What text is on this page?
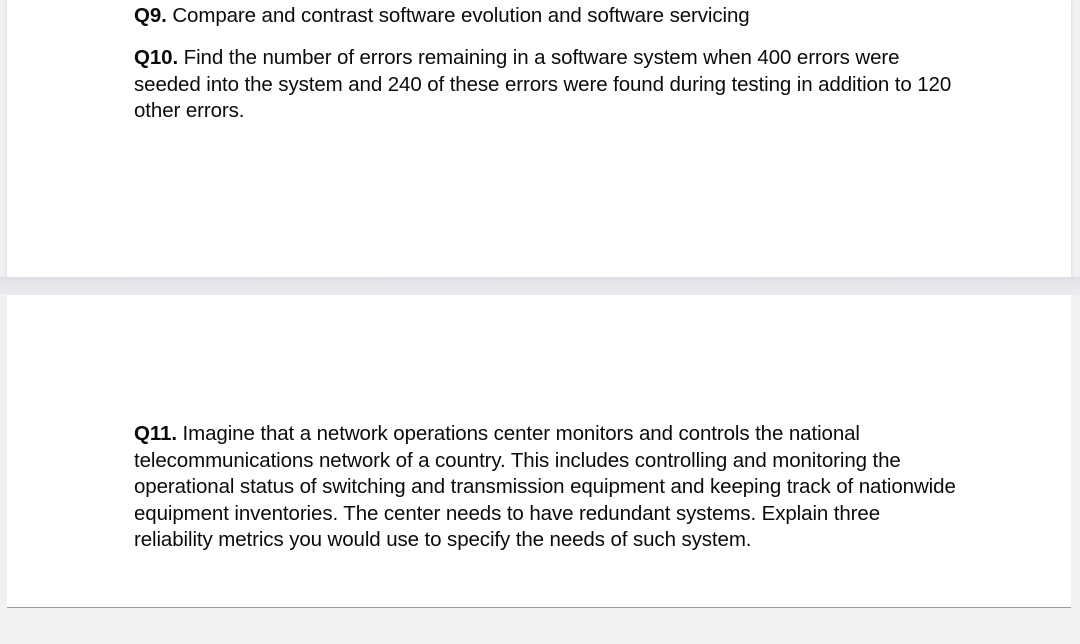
Q9. Compare and contrast software evolution and software servicing

Q10. Find the number of errors remaining in a software system when 400 errors were seeded into the system and 240 of these errors were found during testing in addition to 120 other errors.

Q11. Imagine that a network operations center monitors and controls the national telecommunications network of a country. This includes controlling and monitoring the operational status of switching and transmission equipment and keeping track of nationwide equipment inventories. The center needs to have redundant systems. Explain three reliability metrics you would use to specify the needs of such system.
